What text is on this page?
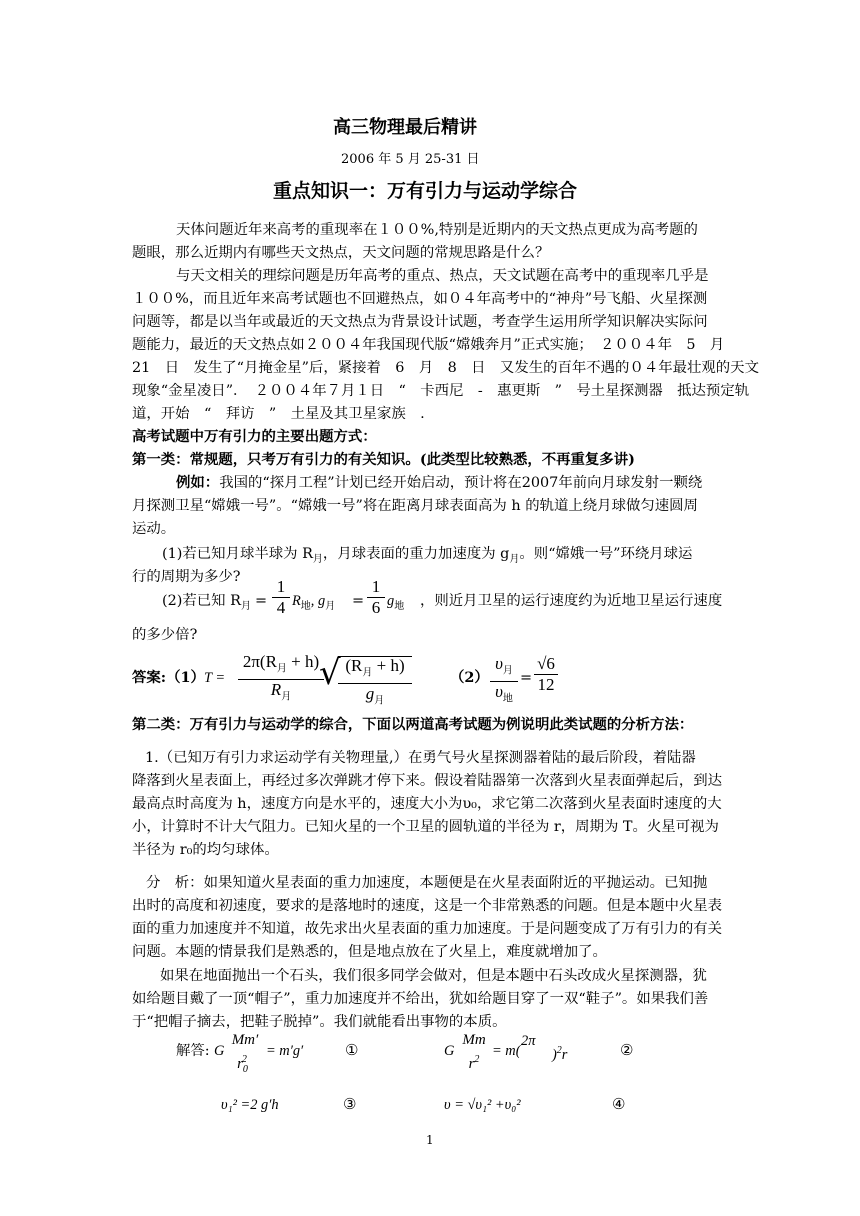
高三物理最后精讲
2006 年 5 月 25-31 日
重点知识一：万有引力与运动学综合
天体问题近年来高考的重现率在１００%,特别是近期内的天文热点更成为高考题的
题眼，那么近期内有哪些天文热点，天文问题的常规思路是什么？
与天文相关的理综问题是历年高考的重点、热点，天文试题在高考中的重现率几乎是
１００%，而且近年来高考试题也不回避热点，如０４年高考中的“神舟”号飞船、火星探测
问题等，都是以当年或最近的天文热点为背景设计试题，考查学生运用所学知识解决实际问
题能力，最近的天文热点如２００４年我国现代版“嫦娥奔月”正式实施；　２００４年　5　月
21　日　发生了“月掩金星”后，紧接着　6　月　8　日　又发生的百年不遇的０４年最壮观的天文
现象“金星凌日”．　２００４年７月１日　“　卡西尼　-　惠更斯　”　号土星探测器　抵达预定轨
道，开始　“　拜访　”　土星及其卫星家族　.
高考试题中万有引力的主要出题方式：
第一类：常规题，只考万有引力的有关知识。(此类型比较熟悉，不再重复多讲)
例如：我国的“探月工程”计划已经开始启动，预计将在2007年前向月球发射一颗绕
月探测卫星“嫦娥一号”。“嫦娥一号”将在距离月球表面高为 h 的轨道上绕月球做匀速圆周
运动。
(1)若已知月球半球为 $R_月$，月球表面的重力加速度为 $g_月$。则“嫦娥一号”环绕月球运
行的周期为多少?
(2)若已知 $R_月$ =
1
4 $R_地$, $g_月$ =
1
6 $g_地$ ，则近月卫星的运行速度约为近地卫星运行速度
的多少倍?
答案:（1） T =
$2\pi(R_月 + h)$
$R_月$
√ $(R_月 + h)$
$g_月$
（2）
$\upsilon_月$
$\upsilon_地$
=
√6
12
第二类：万有引力与运动学的综合，下面以两道高考试题为例说明此类试题的分析方法：
1.（已知万有引力求运动学有关物理量,）在勇气号火星探测器着陆的最后阶段，着陆器
降落到火星表面上，再经过多次弹跳才停下来。假设着陆器第一次落到火星表面弹起后，到达
最高点时高度为 h，速度方向是水平的，速度大小为υ₀，求它第二次落到火星表面时速度的大
小，计算时不计大气阻力。已知火星的一个卫星的圆轨道的半径为 r，周期为 T。火星可视为
半径为 r₀的均匀球体。
分　析：如果知道火星表面的重力加速度，本题便是在火星表面附近的平抛运动。已知抛
出时的高度和初速度，要求的是落地时的速度，这是一个非常熟悉的问题。但是本题中火星表
面的重力加速度并不知道，故先求出火星表面的重力加速度。于是问题变成了万有引力的有关
问题。本题的情景我们是熟悉的，但是地点放在了火星上，难度就增加了。
如果在地面抛出一个石头，我们很多同学会做对，但是本题中石头改成火星探测器，犹
如给题目戴了一顶“帽子”，重力加速度并不给出，犹如给题目穿了一双“鞋子”。如果我们善
于“把帽子摘去，把鞋子脱掉”。我们就能看出事物的本质。
解答: G
Mm′
$r_0^2$
= m′g′	①	G
Mm
$r^2$
= m(
2π
)$^2$r	②
υ₁² =2 g′h	③	υ = √υ₁² +υ₀²	④
1
